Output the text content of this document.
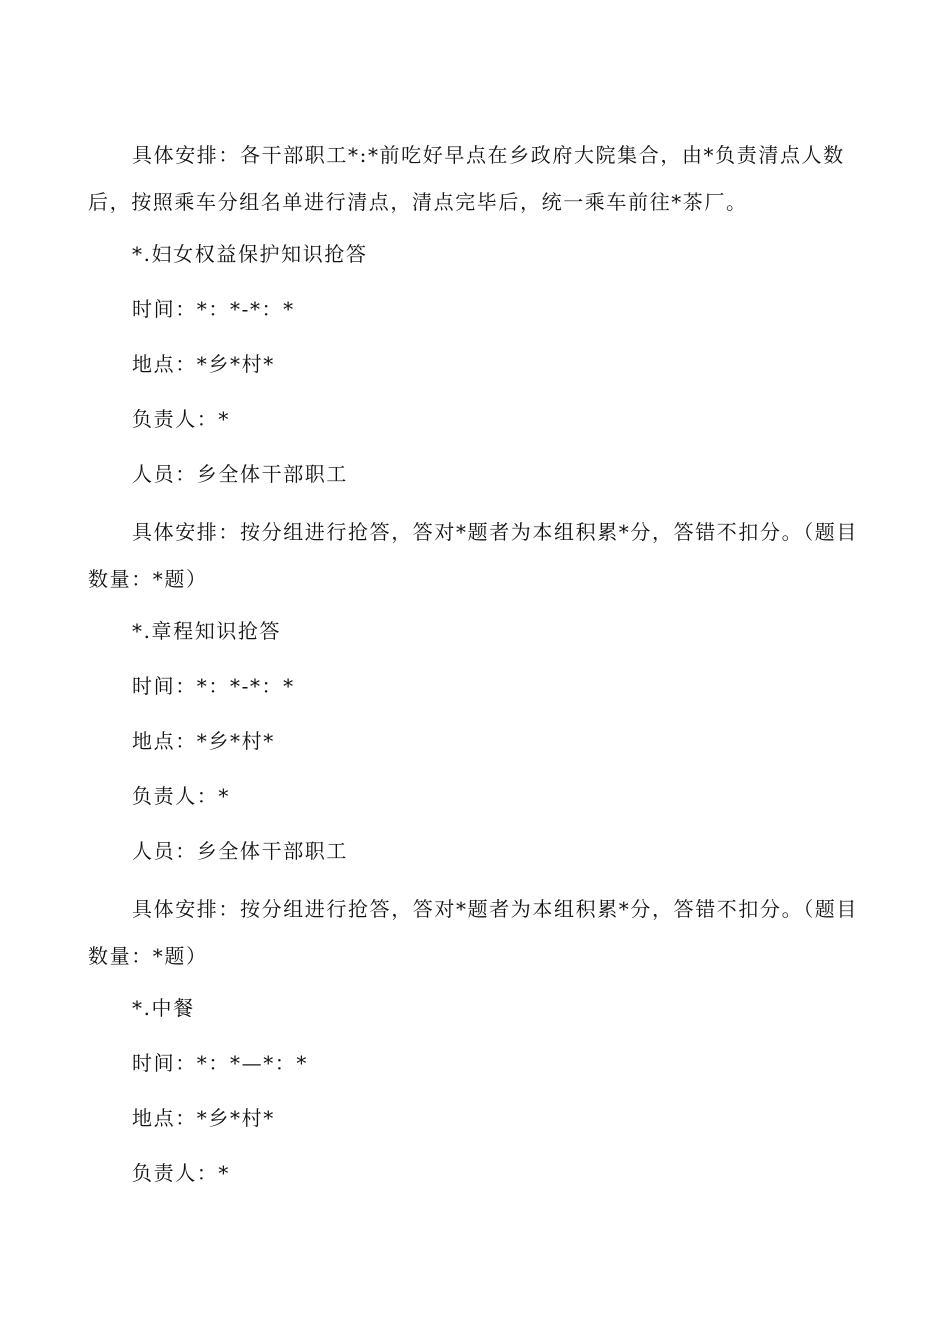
具体安排：各干部职工*:*前吃好早点在乡政府大院集合，由*负责清点人数后，按照乘车分组名单进行清点，清点完毕后，统一乘车前往*茶厂。

*.妇女权益保护知识抢答

时间：*：*-*：*

地点：*乡*村*

负责人：*

人员：乡全体干部职工

具体安排：按分组进行抢答，答对*题者为本组积累*分，答错不扣分。（题目数量：*题）

*.章程知识抢答

时间：*：*-*：*

地点：*乡*村*

负责人：*

人员：乡全体干部职工

具体安排：按分组进行抢答，答对*题者为本组积累*分，答错不扣分。（题目数量：*题）

*.中餐

时间：*：*—*：*

地点：*乡*村*

负责人：*
